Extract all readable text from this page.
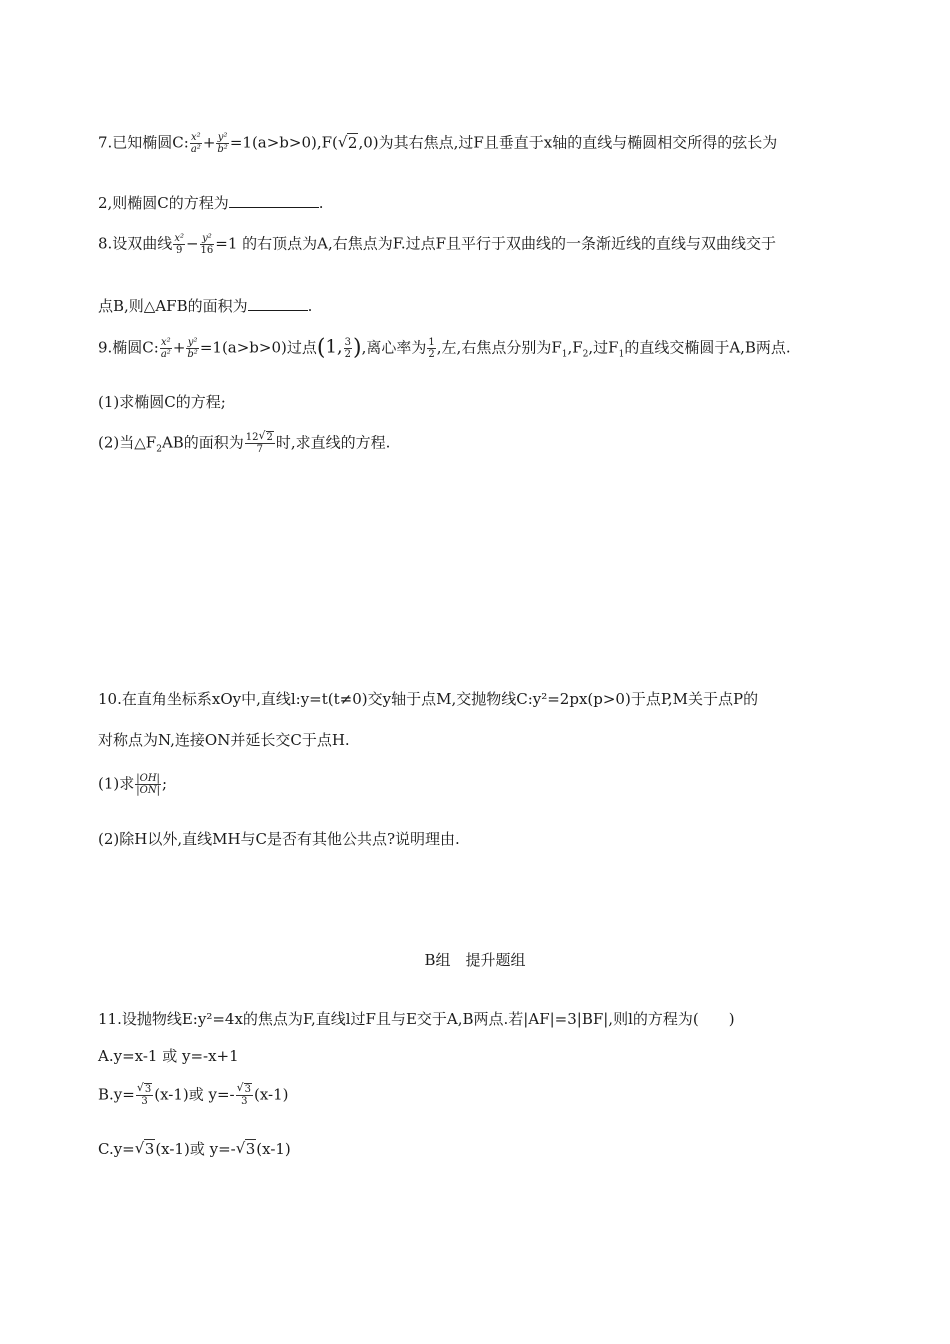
7.已知椭圆C: $\frac{\text{x²}}{\text{a²}} + \frac{\text{y²}}{\text{b²}} =1(a>b>0),F$( √ 2,0)为其右焦点,过F且垂直于x轴的直线与椭圆相交所得的弦长为
2,则椭圆C的方程为	.
8.设双曲线 $\frac{\text{x²}}{9} - \frac{\text{y²}}{16} =1$ 的右顶点为A,右焦点为F.过点F且平行于双曲线的一条渐近线的直线与双曲线交于
点B,则△AFB的面积为	.
9.椭圆C: $\frac{\text{x²}}{\text{a²}} + \frac{\text{y²}}{\text{b²}} =1(a>b>0)$过点(1, $\frac{3}{2}$ ),离心率为 $\frac{1}{2}$ ,左,右焦点分别为$F_1,F_2$,过$F_1$的直线交椭圆于A,B两点.
(1)求椭圆C的方程;
(2)当$\triangle F_2AB$的面积为 $\frac{12 √ 2}{7}$ 时,求直线的方程.
10.在直角坐标系xOy中,直线l:y=t(t≠0)交y轴于点M,交抛物线C:y²=2px(p>0)于点P,M关于点P的
对称点为N,连接ON并延长交C于点H.
(1)求 $\frac{|OH|}{|ON|}$ ;
(2)除H以外,直线MH与C是否有其他公共点?说明理由.
B组　提升题组
11.设抛物线E:y²=4x的焦点为F,直线l过F且与E交于A,B两点.若|AF|=3|BF|,则l的方程为(　　)
A.y=x-1 或 y=-x+1
$B.y= \frac{√ 3}{3} (x-1)$或 $y=- \frac{√ 3}{3} (x-1)$
C.y= √ 3(x-1)或 y=- √ 3(x-1)
